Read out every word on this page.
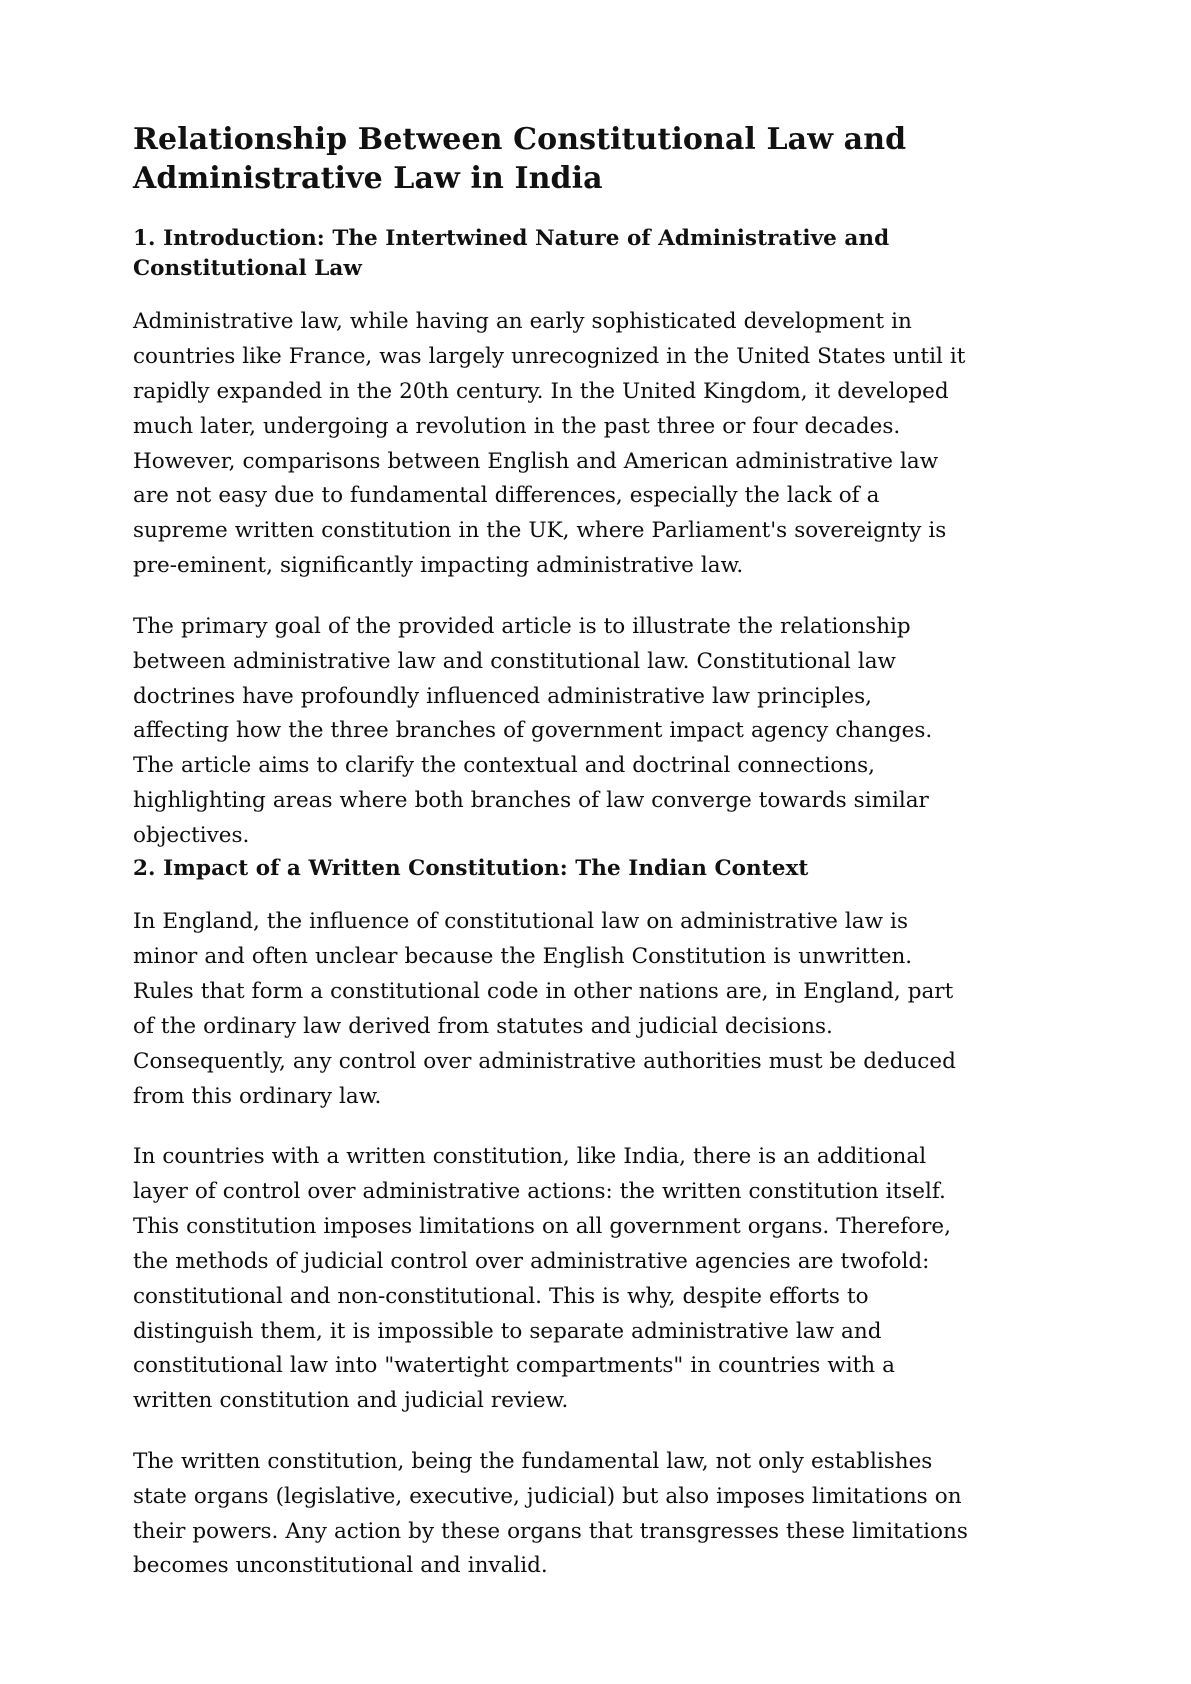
Relationship Between Constitutional Law and Administrative Law in India
1. Introduction: The Intertwined Nature of Administrative and Constitutional Law

Administrative law, while having an early sophisticated development in countries like France, was largely unrecognized in the United States until it rapidly expanded in the 20th century. In the United Kingdom, it developed much later, undergoing a revolution in the past three or four decades. However, comparisons between English and American administrative law are not easy due to fundamental differences, especially the lack of a supreme written constitution in the UK, where Parliament's sovereignty is pre-eminent, significantly impacting administrative law.

The primary goal of the provided article is to illustrate the relationship between administrative law and constitutional law. Constitutional law doctrines have profoundly influenced administrative law principles, affecting how the three branches of government impact agency changes. The article aims to clarify the contextual and doctrinal connections, highlighting areas where both branches of law converge towards similar objectives.

2. Impact of a Written Constitution: The Indian Context

In England, the influence of constitutional law on administrative law is minor and often unclear because the English Constitution is unwritten. Rules that form a constitutional code in other nations are, in England, part of the ordinary law derived from statutes and judicial decisions. Consequently, any control over administrative authorities must be deduced from this ordinary law.

In countries with a written constitution, like India, there is an additional layer of control over administrative actions: the written constitution itself. This constitution imposes limitations on all government organs. Therefore, the methods of judicial control over administrative agencies are twofold: constitutional and non-constitutional. This is why, despite efforts to distinguish them, it is impossible to separate administrative law and constitutional law into "watertight compartments" in countries with a written constitution and judicial review.

The written constitution, being the fundamental law, not only establishes state organs (legislative, executive, judicial) but also imposes limitations on their powers. Any action by these organs that transgresses these limitations becomes unconstitutional and invalid.
